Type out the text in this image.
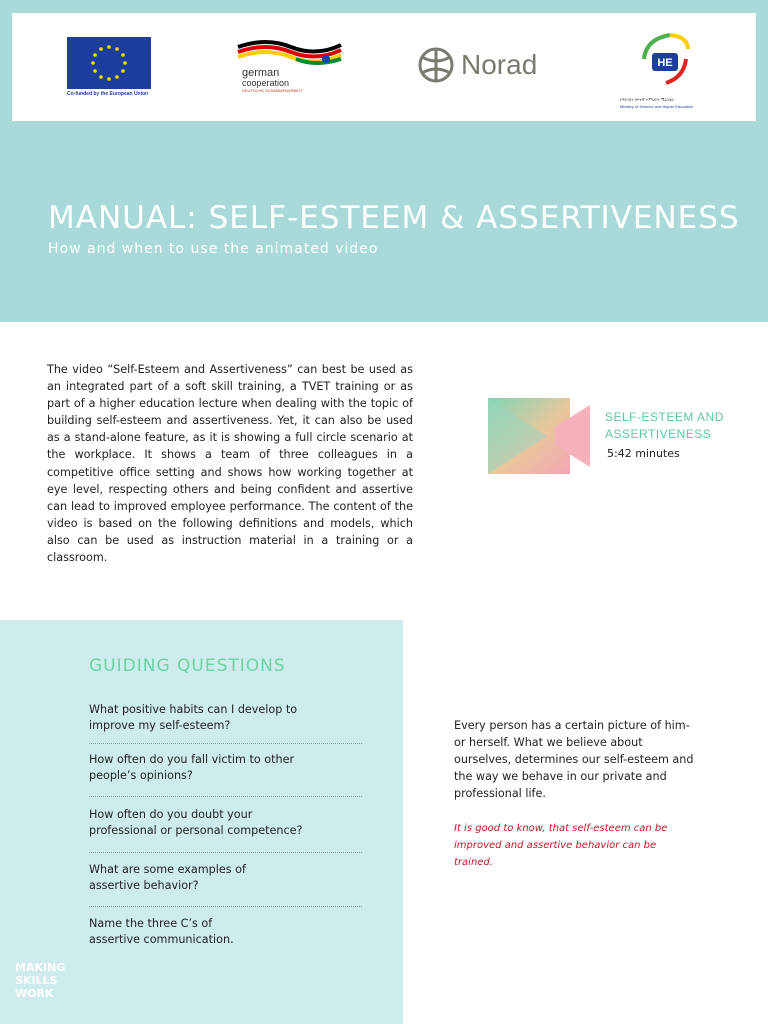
Co-funded by the European Union
german
cooperation
DEUTSCHE ZUSAMMENARBEIT
Norad	HE
የሳይንስና ከፍተኛ ትምህርት ሚኒስቴር
Ministry of Science and Higher Education
MANUAL: SELF-ESTEEM & ASSERTIVENESS
How and when to use the animated video
The video “Self-Esteem and Assertiveness” can best be used as an integrated part of a soft skill training, a TVET training or as part of a higher education lecture when dealing with the topic of building self-esteem and assertiveness. Yet, it can also be used as a stand-alone feature, as it is showing a full circle scenario at the workplace. It shows a team of three colleagues in a competitive office setting and shows how working together at eye level, respecting others and being confident and assertive can lead to improved employee performance. The content of the video is based on the following definitions and models, which also can be used as instruction material in a training or a classroom.
SELF-ESTEEM AND
ASSERTIVENESS
5:42 minutes
GUIDING QUESTIONS
What positive habits can I develop to
improve my self-esteem?
How often do you fall victim to other
people’s opinions?
How often do you doubt your
professional or personal competence?
What are some examples of
assertive behavior?
Name the three C’s of
assertive communication.
MAKING
SKILLS
WORK
Every person has a certain picture of him- or herself. What we believe about ourselves, determines our self-esteem and the way we behave in our private and professional life.
It is good to know, that self-esteem can be improved and assertive behavior can be trained.
